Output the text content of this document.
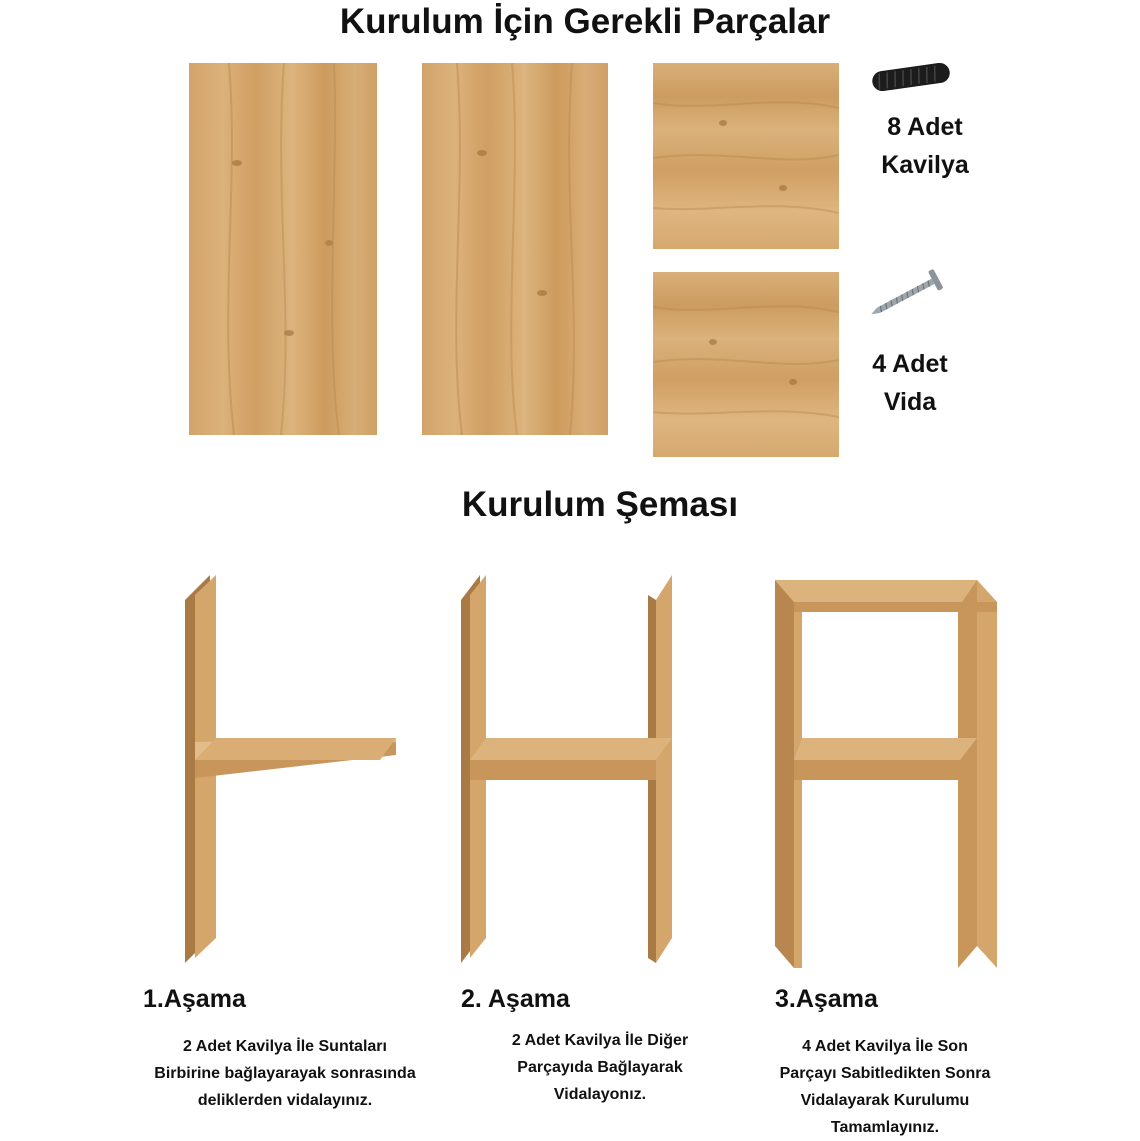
Kurulum İçin Gerekli Parçalar
8 Adet
Kavilya
4 Adet
Vida
Kurulum Şeması
1.Aşama
2 Adet Kavilya İle Suntaları
Birbirine bağlayarayak sonrasında
deliklerden vidalayınız.
2. Aşama
2 Adet Kavilya İle Diğer
Parçayıda Bağlayarak
Vidalayonız.
3.Aşama
4 Adet Kavilya İle Son
Parçayı Sabitledikten Sonra
Vidalayarak Kurulumu
Tamamlayınız.
